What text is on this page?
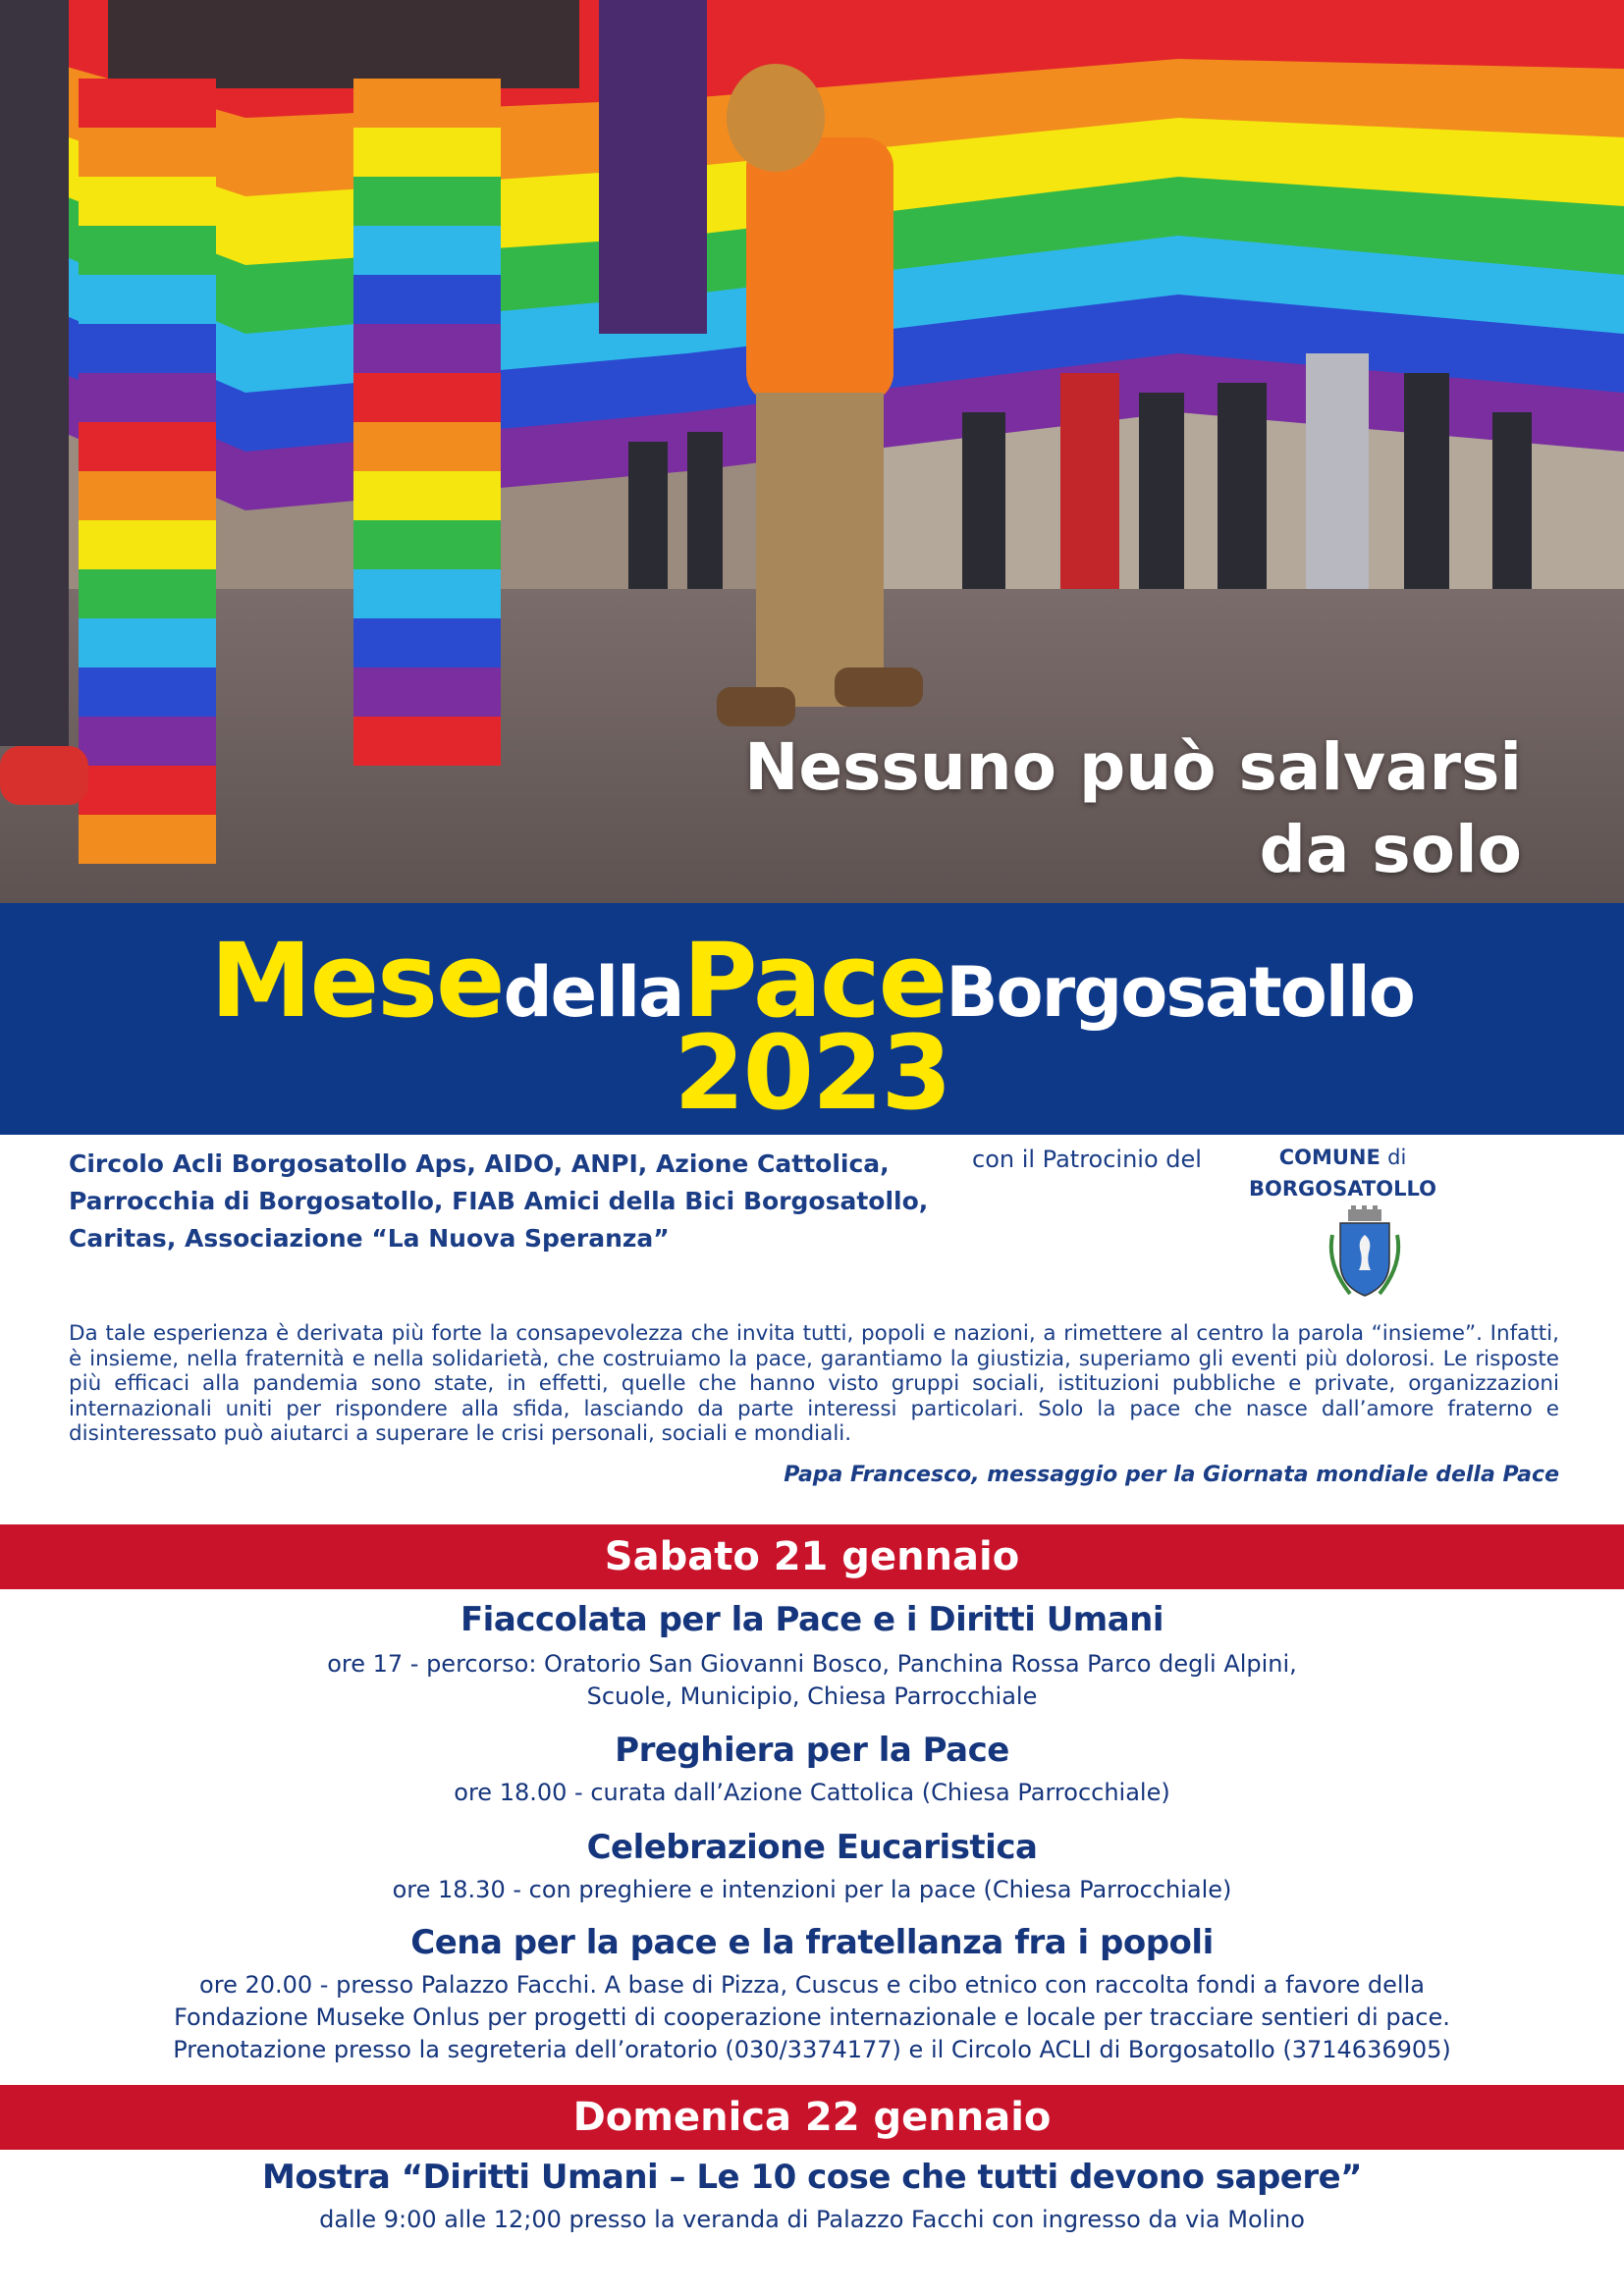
Nessuno può salvarsi
da solo
MesedellaPaceBorgosatollo
2023
Circolo Acli Borgosatollo Aps, AIDO, ANPI, Azione Cattolica,
Parrocchia di Borgosatollo, FIAB Amici della Bici Borgosatollo,
Caritas, Associazione “La Nuova Speranza”
con il Patrocinio del	COMUNE di
BORGOSATOLLO
Da tale esperienza è derivata più forte la consapevolezza che invita tutti, popoli e nazioni, a rimettere al centro la parola “insieme”. Infatti, è insieme, nella fraternità e nella solidarietà, che costruiamo la pace, garantiamo la giustizia, superiamo gli eventi più dolorosi. Le risposte più efficaci alla pandemia sono state, in effetti, quelle che hanno visto gruppi sociali, istituzioni pubbliche e private, organizzazioni internazionali uniti per rispondere alla sfida, lasciando da parte interessi particolari. Solo la pace che nasce dall’amore fraterno e disinteressato può aiutarci a superare le crisi personali, sociali e mondiali.
Papa Francesco, messaggio per la Giornata mondiale della Pace
Sabato 21 gennaio
Fiaccolata per la Pace e i Diritti Umani
ore 17 - percorso: Oratorio San Giovanni Bosco, Panchina Rossa Parco degli Alpini,
Scuole, Municipio, Chiesa Parrocchiale
Preghiera per la Pace
ore 18.00 - curata dall’Azione Cattolica (Chiesa Parrocchiale)
Celebrazione Eucaristica
ore 18.30 - con preghiere e intenzioni per la pace (Chiesa Parrocchiale)
Cena per la pace e la fratellanza fra i popoli
ore 20.00 - presso Palazzo Facchi. A base di Pizza, Cuscus e cibo etnico con raccolta fondi a favore della
Fondazione Museke Onlus per progetti di cooperazione internazionale e locale per tracciare sentieri di pace.
Prenotazione presso la segreteria dell’oratorio (030/3374177) e il Circolo ACLI di Borgosatollo (3714636905)
Domenica 22 gennaio
Mostra “Diritti Umani – Le 10 cose che tutti devono sapere”
dalle 9:00 alle 12;00 presso la veranda di Palazzo Facchi con ingresso da via Molino
